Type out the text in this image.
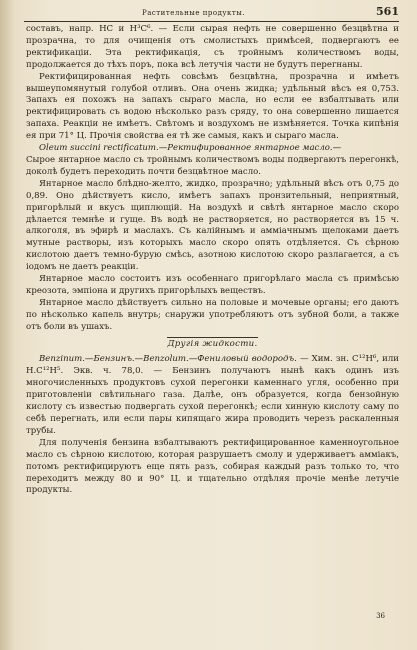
Растительные продукты.	561

составъ, напр. НС и Н³С⁶. — Если сырая нефть не совершенно безцвѣтна и прозрачна, то для очищенiя отъ смолистыхъ примѣсей, подвергаютъ ее ректификацiи. Эта ректификацiя, съ тройнымъ количествомъ воды, продолжается до тѣхъ поръ, пока всѣ летучiя части не будутъ перегнаны.

Ректифицированная нефть совсѣмъ безцвѣтна, прозрачна и имѣетъ вышеупомянутый голубой отливъ. Она очень жидка; удѣльный вѣсъ ея 0,753. Запахъ ея похожъ на запахъ сыраго масла, но если ее взбалтывать или ректифицировать съ водою нѣсколько разъ сряду, то она совершенно лишается запаха. Реакцiи не имѣетъ. Свѣтомъ и воздухомъ не измѣняется. Точка кипѣнiя ея при 71° Ц. Прочiя свойства ея тѣ же самыя, какъ и сыраго масла.

Oleum succini rectificatum.—Ректифированное янтарное масло.—
Сырое янтарное масло съ тройнымъ количествомъ воды подвергаютъ перегонкѣ, доколѣ будетъ переходить почти безцвѣтное масло.

Янтарное масло блѣдно-желто, жидко, прозрачно; удѣльный вѣсъ отъ 0,75 до 0,89. Оно дѣйствуетъ кисло, имѣетъ запахъ пронзительный, неприятный, пригорѣлый и вкусъ щиплющiй. На воздухѣ и свѣтѣ янтарное масло скоро дѣлается темнѣе и гуще. Въ водѣ не растворяется, но растворяется въ 15 ч. алкоголя, въ эфирѣ и маслахъ. Съ калiйнымъ и аммiачнымъ щелоками даетъ мутные растворы, изъ которыхъ масло скоро опять отдѣляется. Съ сѣрною кислотою даетъ темно-бурую смѣсь, азотною кислотою скоро разлагается, а съ iодомъ не даетъ реакцiи.

Янтарное масло состоитъ изъ особеннаго пригорѣлаго масла съ примѣсью креозота, эмпiона и другихъ пригорѣлыхъ веществъ.

Янтарное масло дѣйствуетъ сильно на половые и мочевые органы; его даютъ по нѣсколько капель внутрь; снаружи употребляютъ отъ зубной боли, а также отъ боли въ ушахъ.

Другiя жидкости.

Benzinum.—Бензинъ.—Benzolum.—Фениловый водородъ. — Хим. зн. С¹²Н⁶, или Н.С¹²Н⁵. Экв. ч. 78,0. — Бензинъ получаютъ нынѣ какъ одинъ изъ многочисленныхъ продуктовъ сухой перегонки каменнаго угля, особенно при приготовленiи свѣтильнаго газа. Далѣе, онъ образуется, когда бензойную кислоту съ известью подвергать сухой перегонкѣ; если хинную кислоту саму по себѣ перегнать, или если пары кипящаго жира проводить черезъ раскаленныя трубы.

Для полученiя бензина взбалтываютъ ректифицированное каменноугольное масло съ сѣрною кислотою, которая разрушаетъ смолу и удерживаетъ аммiакъ, потомъ ректифицируютъ еще пять разъ, собирая каждый разъ только то, что переходитъ между 80 и 90° Ц. и тщательно отдѣляя прочiе менѣе летучiе продукты.

36
